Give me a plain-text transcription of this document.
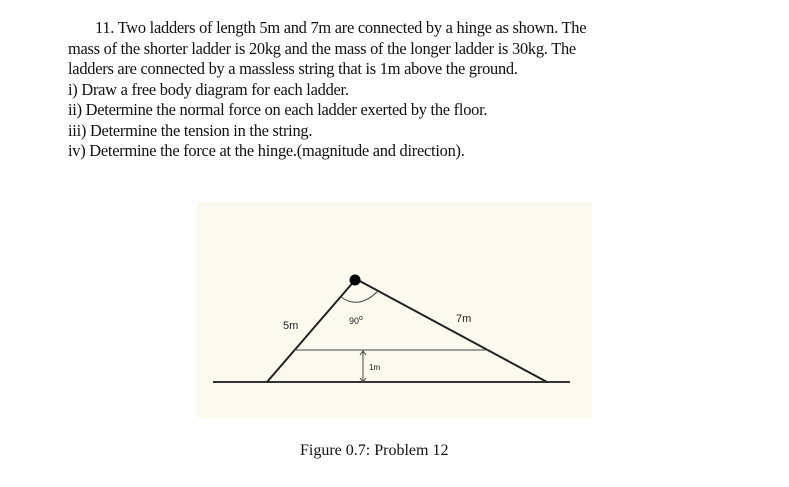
11. Two ladders of length 5m and 7m are connected by a hinge as shown. The
mass of the shorter ladder is 20kg and the mass of the longer ladder is 30kg. The
ladders are connected by a massless string that is 1m above the ground.
i) Draw a free body diagram for each ladder.
ii) Determine the normal force on each ladder exerted by the floor.
iii) Determine the tension in the string.
iv) Determine the force at the hinge.(magnitude and direction).
5m
7m
90$^o$
1m
Figure 0.7: Problem 12
